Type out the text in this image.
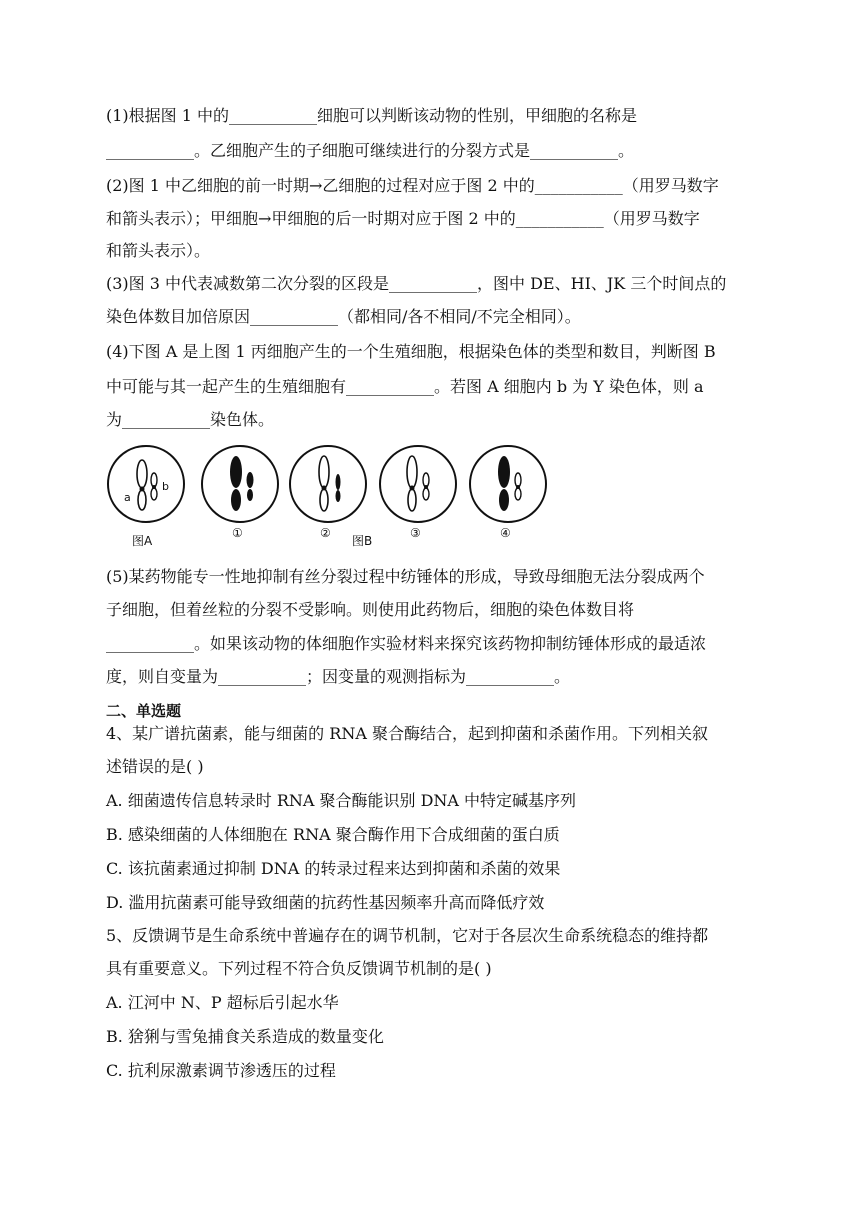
(1)根据图 1 中的___________细胞可以判断该动物的性别，甲细胞的名称是
___________。乙细胞产生的子细胞可继续进行的分裂方式是___________。
(2)图 1 中乙细胞的前一时期→乙细胞的过程对应于图 2 中的___________（用罗马数字
和箭头表示）；甲细胞→甲细胞的后一时期对应于图 2 中的___________（用罗马数字
和箭头表示）。
(3)图 3 中代表减数第二次分裂的区段是___________，图中 DE、HI、JK 三个时间点的
染色体数目加倍原因___________（都相同/各不相同/不完全相同）。
(4)下图 A 是上图 1 丙细胞产生的一个生殖细胞，根据染色体的类型和数目，判断图 B
中可能与其一起产生的生殖细胞有___________。若图 A 细胞内 b 为 Y 染色体，则 a
为___________染色体。
a
b
①	②	③	④
图A	图B
(5)某药物能专一性地抑制有丝分裂过程中纺锤体的形成，导致母细胞无法分裂成两个
子细胞，但着丝粒的分裂不受影响。则使用此药物后，细胞的染色体数目将
___________。如果该动物的体细胞作实验材料来探究该药物抑制纺锤体形成的最适浓
度，则自变量为___________；因变量的观测指标为___________。
二、单选题
4、某广谱抗菌素，能与细菌的 RNA 聚合酶结合，起到抑菌和杀菌作用。下列相关叙
述错误的是( )
A. 细菌遗传信息转录时 RNA 聚合酶能识别 DNA 中特定碱基序列
B. 感染细菌的人体细胞在 RNA 聚合酶作用下合成细菌的蛋白质
C. 该抗菌素通过抑制 DNA 的转录过程来达到抑菌和杀菌的效果
D. 滥用抗菌素可能导致细菌的抗药性基因频率升高而降低疗效
5、反馈调节是生命系统中普遍存在的调节机制，它对于各层次生命系统稳态的维持都
具有重要意义。下列过程不符合负反馈调节机制的是( )
A. 江河中 N、P 超标后引起水华
B. 猞猁与雪兔捕食关系造成的数量变化
C. 抗利尿激素调节渗透压的过程
